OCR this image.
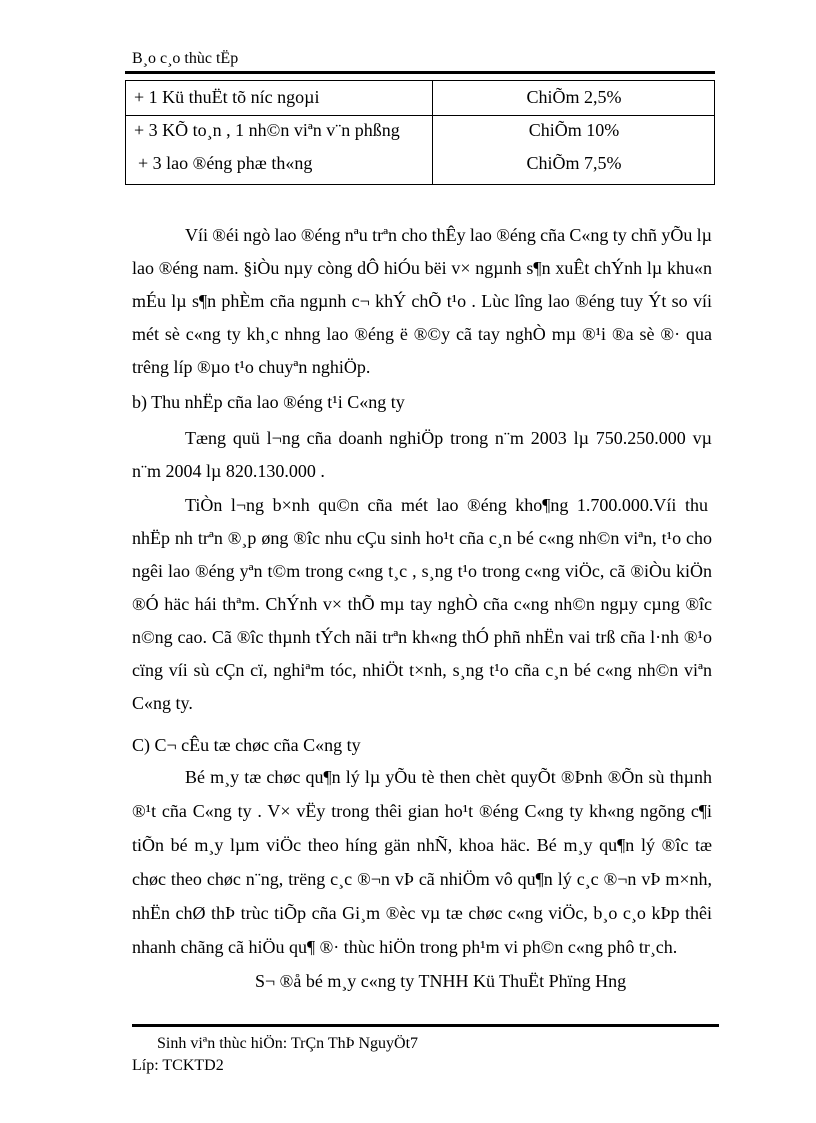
B¸o c¸o thùc tËp
+ 1 Kü thuËt tõ níc ngoµi	ChiÕm 2,5%
+ 3 KÕ to¸n , 1 nh©n viªn v¨n phßng	ChiÕm 10%
+ 3 lao ®éng phæ th«ng	ChiÕm 7,5%
Víi ®éi ngò lao ®éng nªu trªn cho thÊy lao ®éng cña C«ng ty chñ yÕu lµ
lao ®éng nam. §iÒu nµy còng dÔ hiÓu bëi v× ngµnh s¶n xuÊt chÝnh lµ khu«n
mÉu lµ s¶n phÈm cña ngµnh c¬ khÝ chÕ t¹o . Lùc lîng lao ®éng tuy Ýt so víi
mét sè c«ng ty kh¸c nhng lao ®éng ë ®©y cã tay nghÒ mµ ®¹i ®a sè ®· qua
trêng líp ®µo t¹o chuyªn nghiÖp.
b) Thu nhËp cña lao ®éng t¹i C«ng ty
Tæng quü l¬ng cña doanh nghiÖp trong n¨m 2003 lµ 750.250.000 vµ
n¨m 2004 lµ 820.130.000 .
TiÒn l¬ng b×nh qu©n cña mét lao ®éng kho¶ng 1.700.000.Víi thu
nhËp nh trªn ®¸p øng ®îc nhu cÇu sinh ho¹t cña c¸n bé c«ng nh©n viªn, t¹o cho
ngêi lao ®éng yªn t©m trong c«ng t¸c , s¸ng t¹o trong c«ng viÖc, cã ®iÒu kiÖn
®Ó häc hái thªm. ChÝnh v× thÕ mµ tay nghÒ cña c«ng nh©n ngµy cµng ®îc
n©ng cao. Cã ®îc thµnh tÝch nãi trªn kh«ng thÓ phñ nhËn vai trß cña l·nh ®¹o
cïng víi sù cÇn cï, nghiªm tóc, nhiÖt t×nh, s¸ng t¹o cña c¸n bé c«ng nh©n viªn
C«ng ty.
C) C¬ cÊu tæ chøc cña C«ng ty
Bé m¸y tæ chøc qu¶n lý lµ yÕu tè then chèt quyÕt ®Þnh ®Õn sù thµnh
®¹t cña C«ng ty . V× vËy trong thêi gian ho¹t ®éng C«ng ty kh«ng ngõng c¶i
tiÕn bé m¸y lµm viÖc theo híng gän nhÑ, khoa häc. Bé m¸y qu¶n lý ®îc tæ
chøc theo chøc n¨ng, trëng c¸c ®¬n vÞ cã nhiÖm vô qu¶n lý c¸c ®¬n vÞ m×nh,
nhËn chØ thÞ trùc tiÕp cña Gi¸m ®èc vµ tæ chøc c«ng viÖc, b¸o c¸o kÞp thêi
nhanh chãng cã hiÖu qu¶ ®· thùc hiÖn trong ph¹m vi ph©n c«ng phô tr¸ch.
S¬ ®å bé m¸y c«ng ty TNHH Kü ThuËt Phïng Hng
Sinh viªn thùc hiÖn: TrÇn ThÞ NguyÖt7
Líp: TCKTD2
